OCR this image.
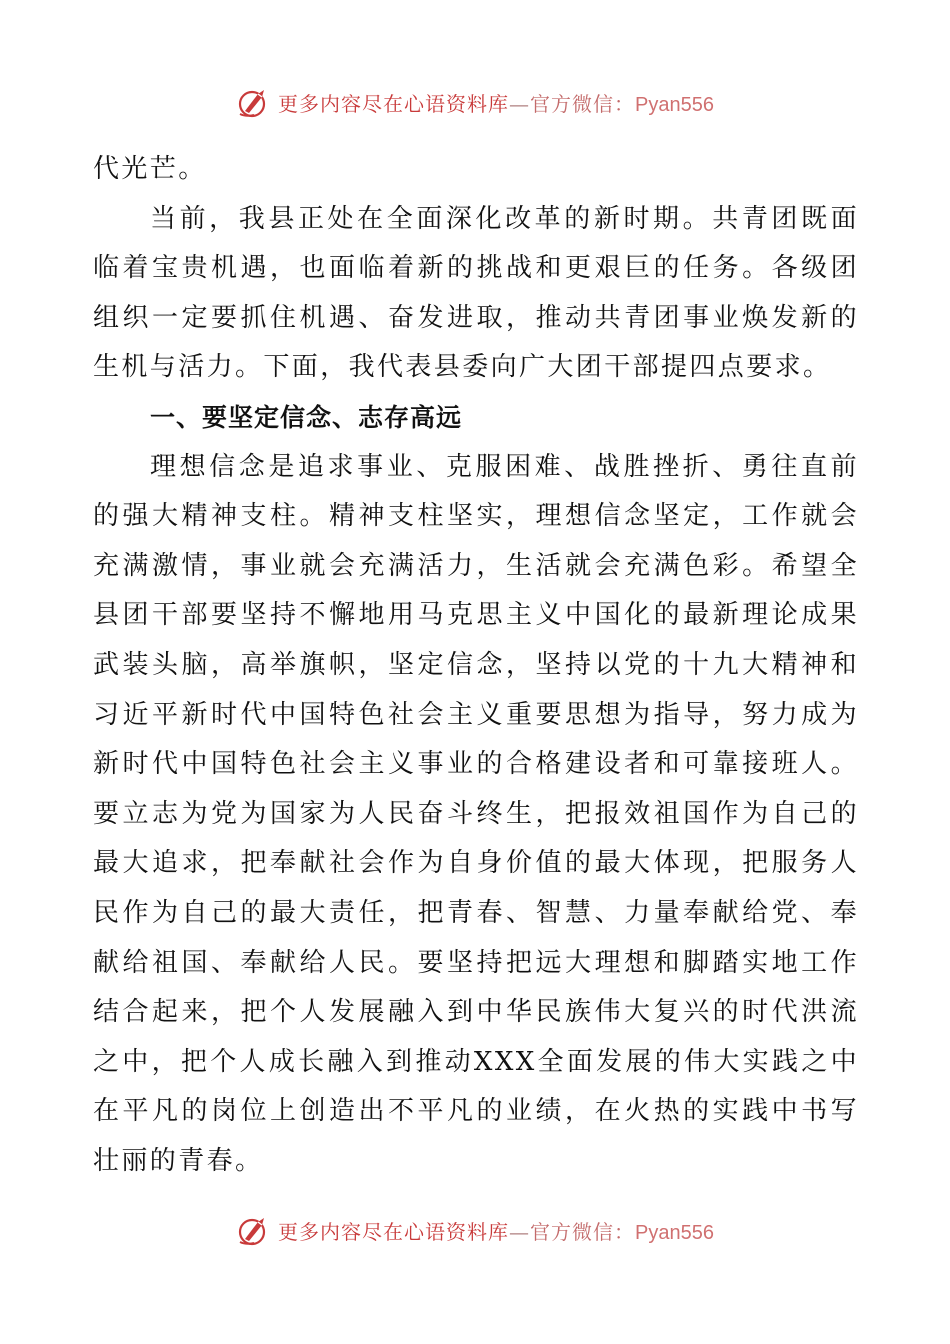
更多内容尽在心语资料库—官方微信：Pyan556

代光芒。

当前，我县正处在全面深化改革的新时期。共青团既面临着宝贵机遇，也面临着新的挑战和更艰巨的任务。各级团组织一定要抓住机遇、奋发进取，推动共青团事业焕发新的生机与活力。下面，我代表县委向广大团干部提四点要求。

一、要坚定信念、志存高远

理想信念是追求事业、克服困难、战胜挫折、勇往直前的强大精神支柱。精神支柱坚实，理想信念坚定，工作就会充满激情，事业就会充满活力，生活就会充满色彩。希望全县团干部要坚持不懈地用马克思主义中国化的最新理论成果武装头脑，高举旗帜，坚定信念，坚持以党的十九大精神和习近平新时代中国特色社会主义重要思想为指导，努力成为新时代中国特色社会主义事业的合格建设者和可靠接班人。要立志为党为国家为人民奋斗终生，把报效祖国作为自己的最大追求，把奉献社会作为自身价值的最大体现，把服务人民作为自己的最大责任，把青春、智慧、力量奉献给党、奉献给祖国、奉献给人民。要坚持把远大理想和脚踏实地工作结合起来，把个人发展融入到中华民族伟大复兴的时代洪流之中，把个人成长融入到推动XXX全面发展的伟大实践之中在平凡的岗位上创造出不平凡的业绩，在火热的实践中书写壮丽的青春。

更多内容尽在心语资料库—官方微信：Pyan556
